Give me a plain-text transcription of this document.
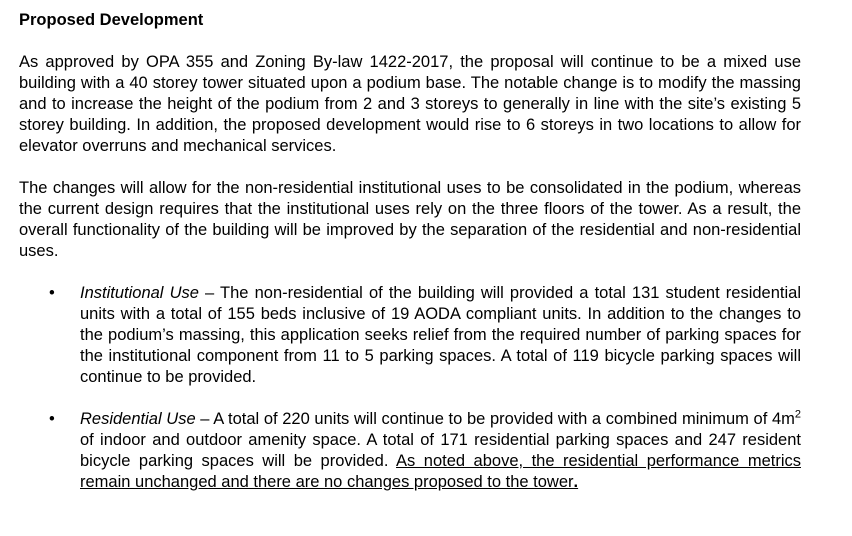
Proposed Development

As approved by OPA 355 and Zoning By-law 1422-2017, the proposal will continue to be a mixed use building with a 40 storey tower situated upon a podium base. The notable change is to modify the massing and to increase the height of the podium from 2 and 3 storeys to generally in line with the site’s existing 5 storey building. In addition, the proposed development would rise to 6 storeys in two locations to allow for elevator overruns and mechanical services.

The changes will allow for the non-residential institutional uses to be consolidated in the podium, whereas the current design requires that the institutional uses rely on the three floors of the tower. As a result, the overall functionality of the building will be improved by the separation of the residential and non-residential uses.

• Institutional Use – The non-residential of the building will provided a total 131 student residential units with a total of 155 beds inclusive of 19 AODA compliant units. In addition to the changes to the podium’s massing, this application seeks relief from the required number of parking spaces for the institutional component from 11 to 5 parking spaces. A total of 119 bicycle parking spaces will continue to be provided.
• Residential Use – A total of 220 units will continue to be provided with a combined minimum of $4m^2$ of indoor and outdoor amenity space. A total of 171 residential parking spaces and 247 resident bicycle parking spaces will be provided. As noted above, the residential performance metrics remain unchanged and there are no changes proposed to the tower.
